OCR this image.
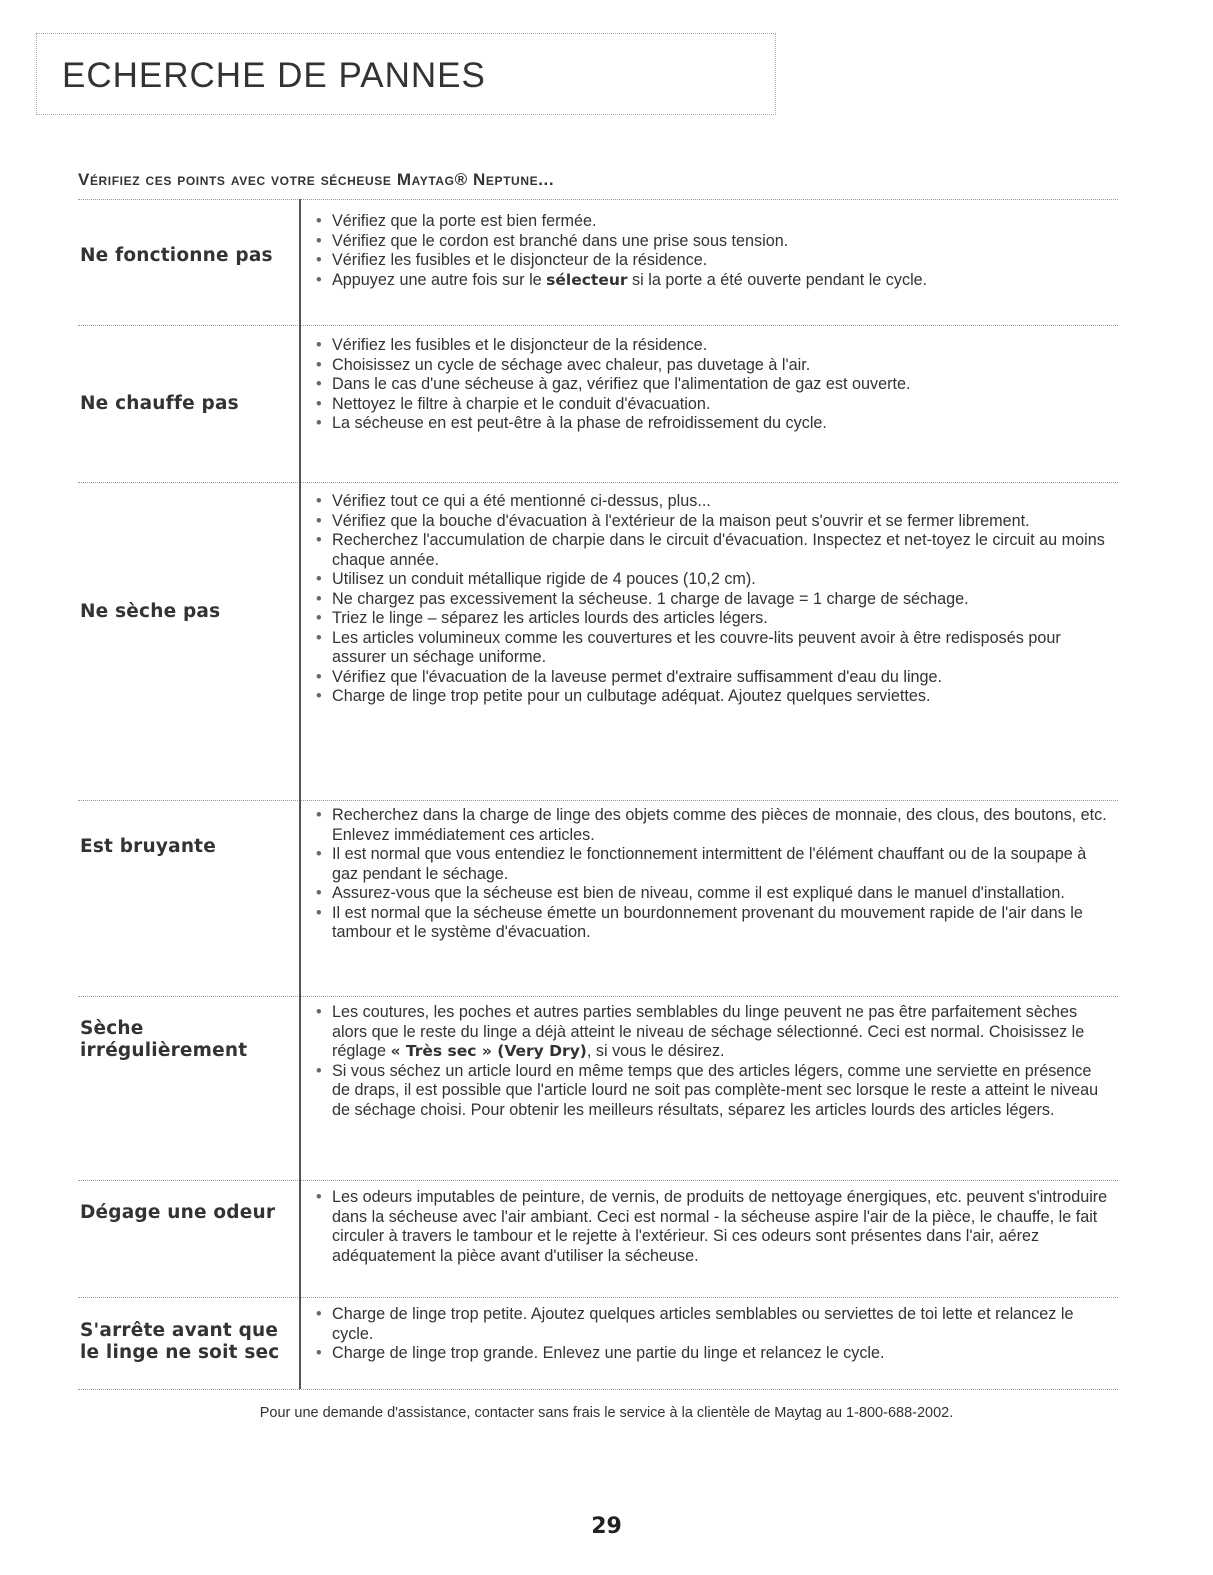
ECHERCHE DE PANNES
Vérifiez ces points avec votre sécheuse Maytag® Neptune...
Ne fonctionne pas
• Vérifiez que la porte est bien fermée.
• Vérifiez que le cordon est branché dans une prise sous tension.
• Vérifiez les fusibles et le disjoncteur de la résidence.
• Appuyez une autre fois sur le sélecteur si la porte a été ouverte pendant le cycle.
Ne chauffe pas
• Vérifiez les fusibles et le disjoncteur de la résidence.
• Choisissez un cycle de séchage avec chaleur, pas duvetage à l'air.
• Dans le cas d'une sécheuse à gaz, vérifiez que l'alimentation de gaz est ouverte.
• Nettoyez le filtre à charpie et le conduit d'évacuation.
• La sécheuse en est peut-être à la phase de refroidissement du cycle.
Ne sèche pas
• Vérifiez tout ce qui a été mentionné ci-dessus, plus...
• Vérifiez que la bouche d'évacuation à l'extérieur de la maison peut s'ouvrir et se fermer librement.
• Recherchez l'accumulation de charpie dans le circuit d'évacuation. Inspectez et net-toyez le circuit au moins chaque année.
• Utilisez un conduit métallique rigide de 4 pouces (10,2 cm).
• Ne chargez pas excessivement la sécheuse. 1 charge de lavage = 1 charge de séchage.
• Triez le linge – séparez les articles lourds des articles légers.
• Les articles volumineux comme les couvertures et les couvre-lits peuvent avoir à être redisposés pour assurer un séchage uniforme.
• Vérifiez que l'évacuation de la laveuse permet d'extraire suffisamment d'eau du linge.
• Charge de linge trop petite pour un culbutage adéquat. Ajoutez quelques serviettes.
Est bruyante
• Recherchez dans la charge de linge des objets comme des pièces de monnaie, des clous, des boutons, etc. Enlevez immédiatement ces articles.
• Il est normal que vous entendiez le fonctionnement intermittent de l'élément chauffant ou de la soupape à gaz pendant le séchage.
• Assurez-vous que la sécheuse est bien de niveau, comme il est expliqué dans le manuel d'installation.
• Il est normal que la sécheuse émette un bourdonnement provenant du mouvement rapide de l'air dans le tambour et le système d'évacuation.
Sèche irrégulièrement
• Les coutures, les poches et autres parties semblables du linge peuvent ne pas être parfaitement sèches alors que le reste du linge a déjà atteint le niveau de séchage sélectionné. Ceci est normal. Choisissez le réglage « Très sec » (Very Dry), si vous le désirez.
• Si vous séchez un article lourd en même temps que des articles légers, comme une serviette en présence de draps, il est possible que l'article lourd ne soit pas complète-ment sec lorsque le reste a atteint le niveau de séchage choisi. Pour obtenir les meilleurs résultats, séparez les articles lourds des articles légers.
Dégage une odeur
• Les odeurs imputables de peinture, de vernis, de produits de nettoyage énergiques, etc. peuvent s'introduire dans la sécheuse avec l'air ambiant. Ceci est normal - la sécheuse aspire l'air de la pièce, le chauffe, le fait circuler à travers le tambour et le rejette à l'extérieur. Si ces odeurs sont présentes dans l'air, aérez adéquatement la pièce avant d'utiliser la sécheuse.
S'arrête avant que le linge ne soit sec
• Charge de linge trop petite. Ajoutez quelques articles semblables ou serviettes de toi lette et relancez le cycle.
• Charge de linge trop grande. Enlevez une partie du linge et relancez le cycle.
Pour une demande d'assistance, contacter sans frais le service à la clientèle de Maytag au 1-800-688-2002.
29
